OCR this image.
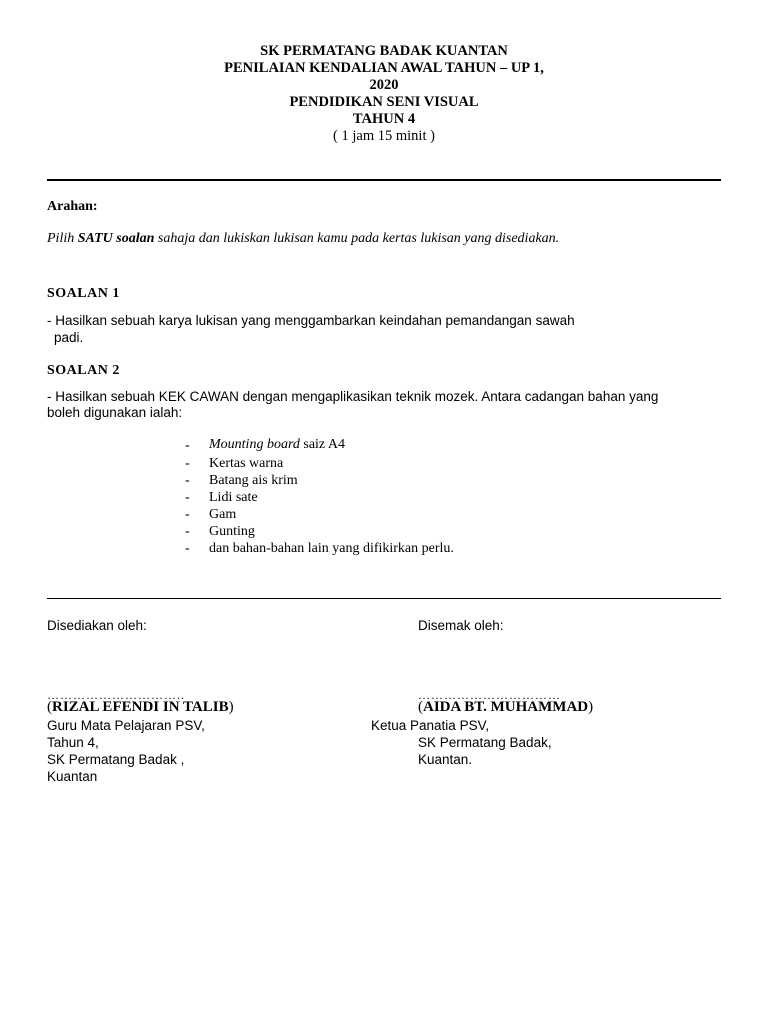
SK PERMATANG BADAK KUANTAN
PENILAIAN KENDALIAN AWAL TAHUN – UP 1,
2020
PENDIDIKAN SENI VISUAL
TAHUN 4
( 1 jam 15 minit )
Arahan:
Pilih SATU soalan sahaja dan lukiskan lukisan kamu pada kertas lukisan yang disediakan.
SOALAN 1
- Hasilkan sebuah karya lukisan yang menggambarkan keindahan pemandangan sawah
padi.
SOALAN 2
- Hasilkan sebuah KEK CAWAN dengan mengaplikasikan teknik mozek. Antara cadangan bahan yang
boleh digunakan ialah:
-	Mounting board saiz A4
-	Kertas warna
-	Batang ais krim
-	Lidi sate
-	Gam
-	Gunting
-	dan bahan-bahan lain yang difikirkan perlu.
Disediakan oleh:
…………………………..
(RIZAL EFENDI IN TALIB)
Guru Mata Pelajaran PSV,
Tahun 4,
SK Permatang Badak ,
Kuantan
Disemak oleh:
……………………………
(AIDA BT. MUHAMMAD)
Ketua Panatia PSV,
SK Permatang Badak,
Kuantan.
